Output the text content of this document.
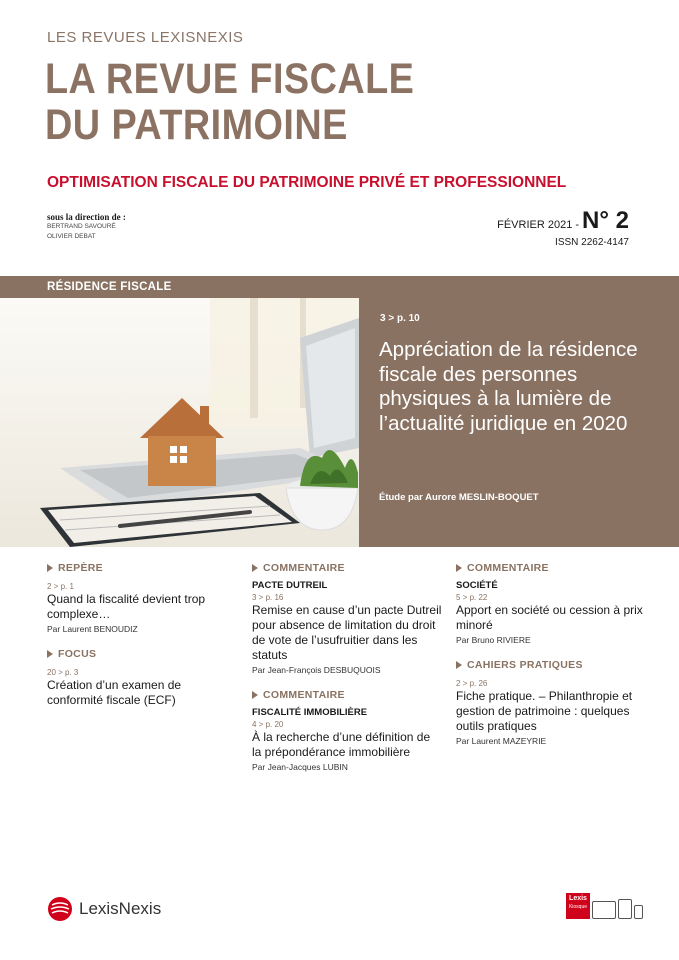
LES REVUES LEXISNEXIS
LA REVUE FISCALE
DU PATRIMOINE
OPTIMISATION FISCALE DU PATRIMOINE PRIVÉ ET PROFESSIONNEL
sous la direction de :
BERTRAND SAVOURÉ
OLIVIER DEBAT
FÉVRIER 2021 - N° 2
ISSN 2262-4147
RÉSIDENCE FISCALE
3 > p. 10
Appréciation de la résidence fiscale des personnes physiques à la lumière de l’actualité juridique en 2020
Étude par Aurore MESLIN-BOQUET
REPÈRE
2 > p. 1
Quand la fiscalité devient trop complexe…
Par Laurent BENOUDIZ
FOCUS
20 > p. 3
Création d’un examen de conformité fiscale (ECF)
COMMENTAIRE
PACTE DUTREIL
3 > p. 16
Remise en cause d’un pacte Dutreil pour absence de limitation du droit de vote de l’usufruitier dans les statuts
Par Jean-François DESBUQUOIS
COMMENTAIRE
FISCALITÉ IMMOBILIÈRE
4 > p. 20
À la recherche d’une définition de la prépondérance immobilière
Par Jean-Jacques LUBIN
COMMENTAIRE
SOCIÉTÉ
5 > p. 22
Apport en société ou cession à prix minoré
Par Bruno RIVIERE
CAHIERS PRATIQUES
2 > p. 26
Fiche pratique. – Philanthropie et gestion de patrimoine : quelques outils pratiques
Par Laurent MAZEYRIE
LexisNexis
Lexis
Kiosque
